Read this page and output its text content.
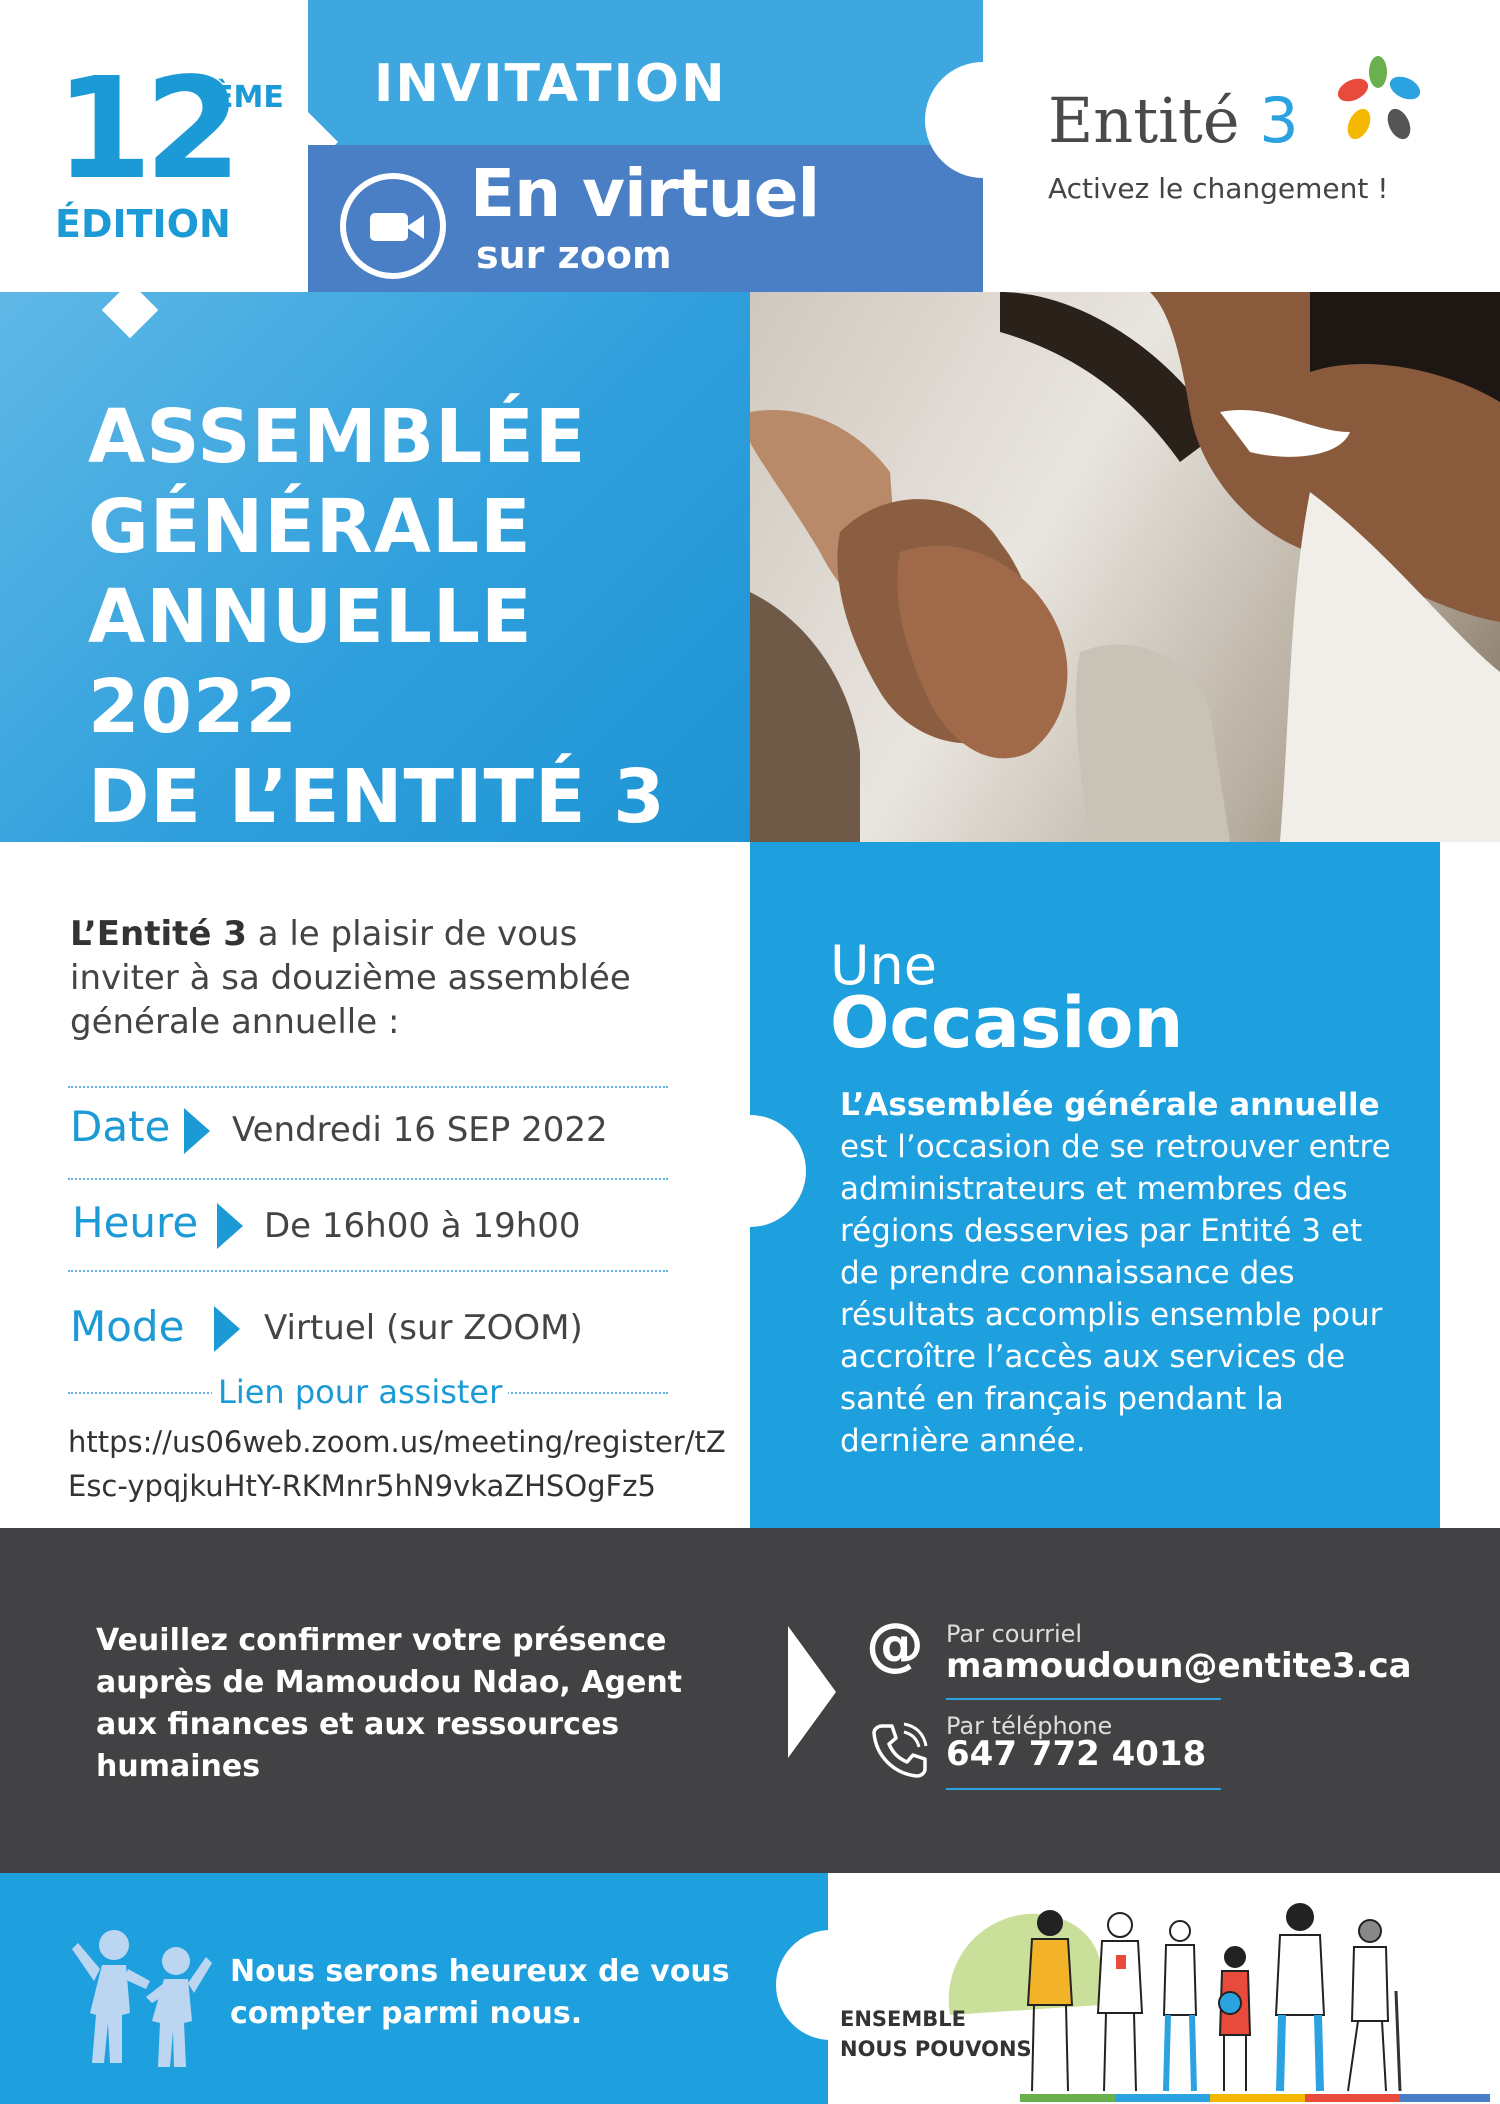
12
ÈME
ÉDITION
INVITATION
En virtuel
sur zoom
Entité 3
Activez le changement !
ASSEMBLÉE
GÉNÉRALE
ANNUELLE 2022
DE L’ENTITÉ 3
L’Entité 3 a le plaisir de vous inviter à sa douzième assemblée générale annuelle :
Date Vendredi 16 SEP 2022
Heure De 16h00 à 19h00
Mode Virtuel (sur ZOOM)
Lien pour assister
https://us06web.zoom.us/meeting/register/tZEsc-ypqjkuHtY-RKMnr5hN9vkaZHSOgFz5
Une
Occasion
L’Assemblée générale annuelle est l’occasion de se retrouver entre administrateurs et membres des régions desservies par Entité 3 et de prendre connaissance des résultats accomplis ensemble pour accroître l’accès aux services de santé en français pendant la dernière année.
Veuillez confirmer votre présence auprès de Mamoudou Ndao, Agent aux finances et aux ressources humaines
@ Par courriel
mamoudoun@entite3.ca
Par téléphone
647 772 4018
Nous serons heureux de vous compter parmi nous.	ENSEMBLE
NOUS POUVONS
